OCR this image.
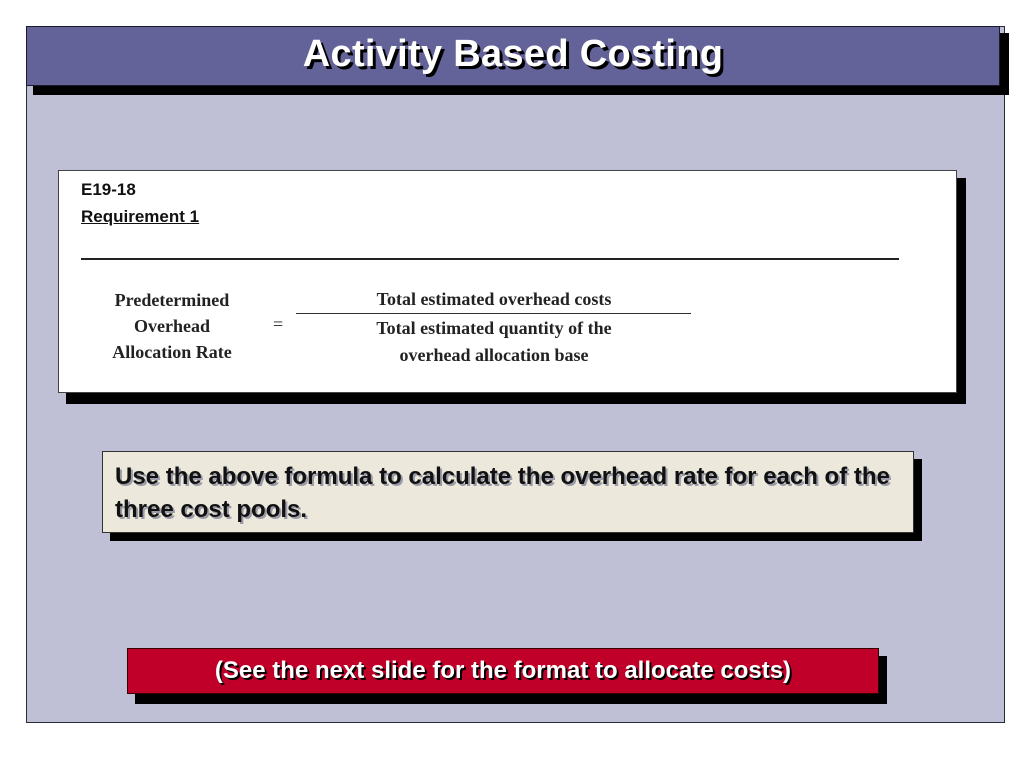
Activity Based Costing
E19-18
Requirement 1
Predetermined
Overhead
Allocation Rate
=
Total estimated overhead costs
Total estimated quantity of the
overhead allocation base
Use the above formula to calculate the overhead rate for each of the three cost pools.
(See the next slide for the format to allocate costs)
